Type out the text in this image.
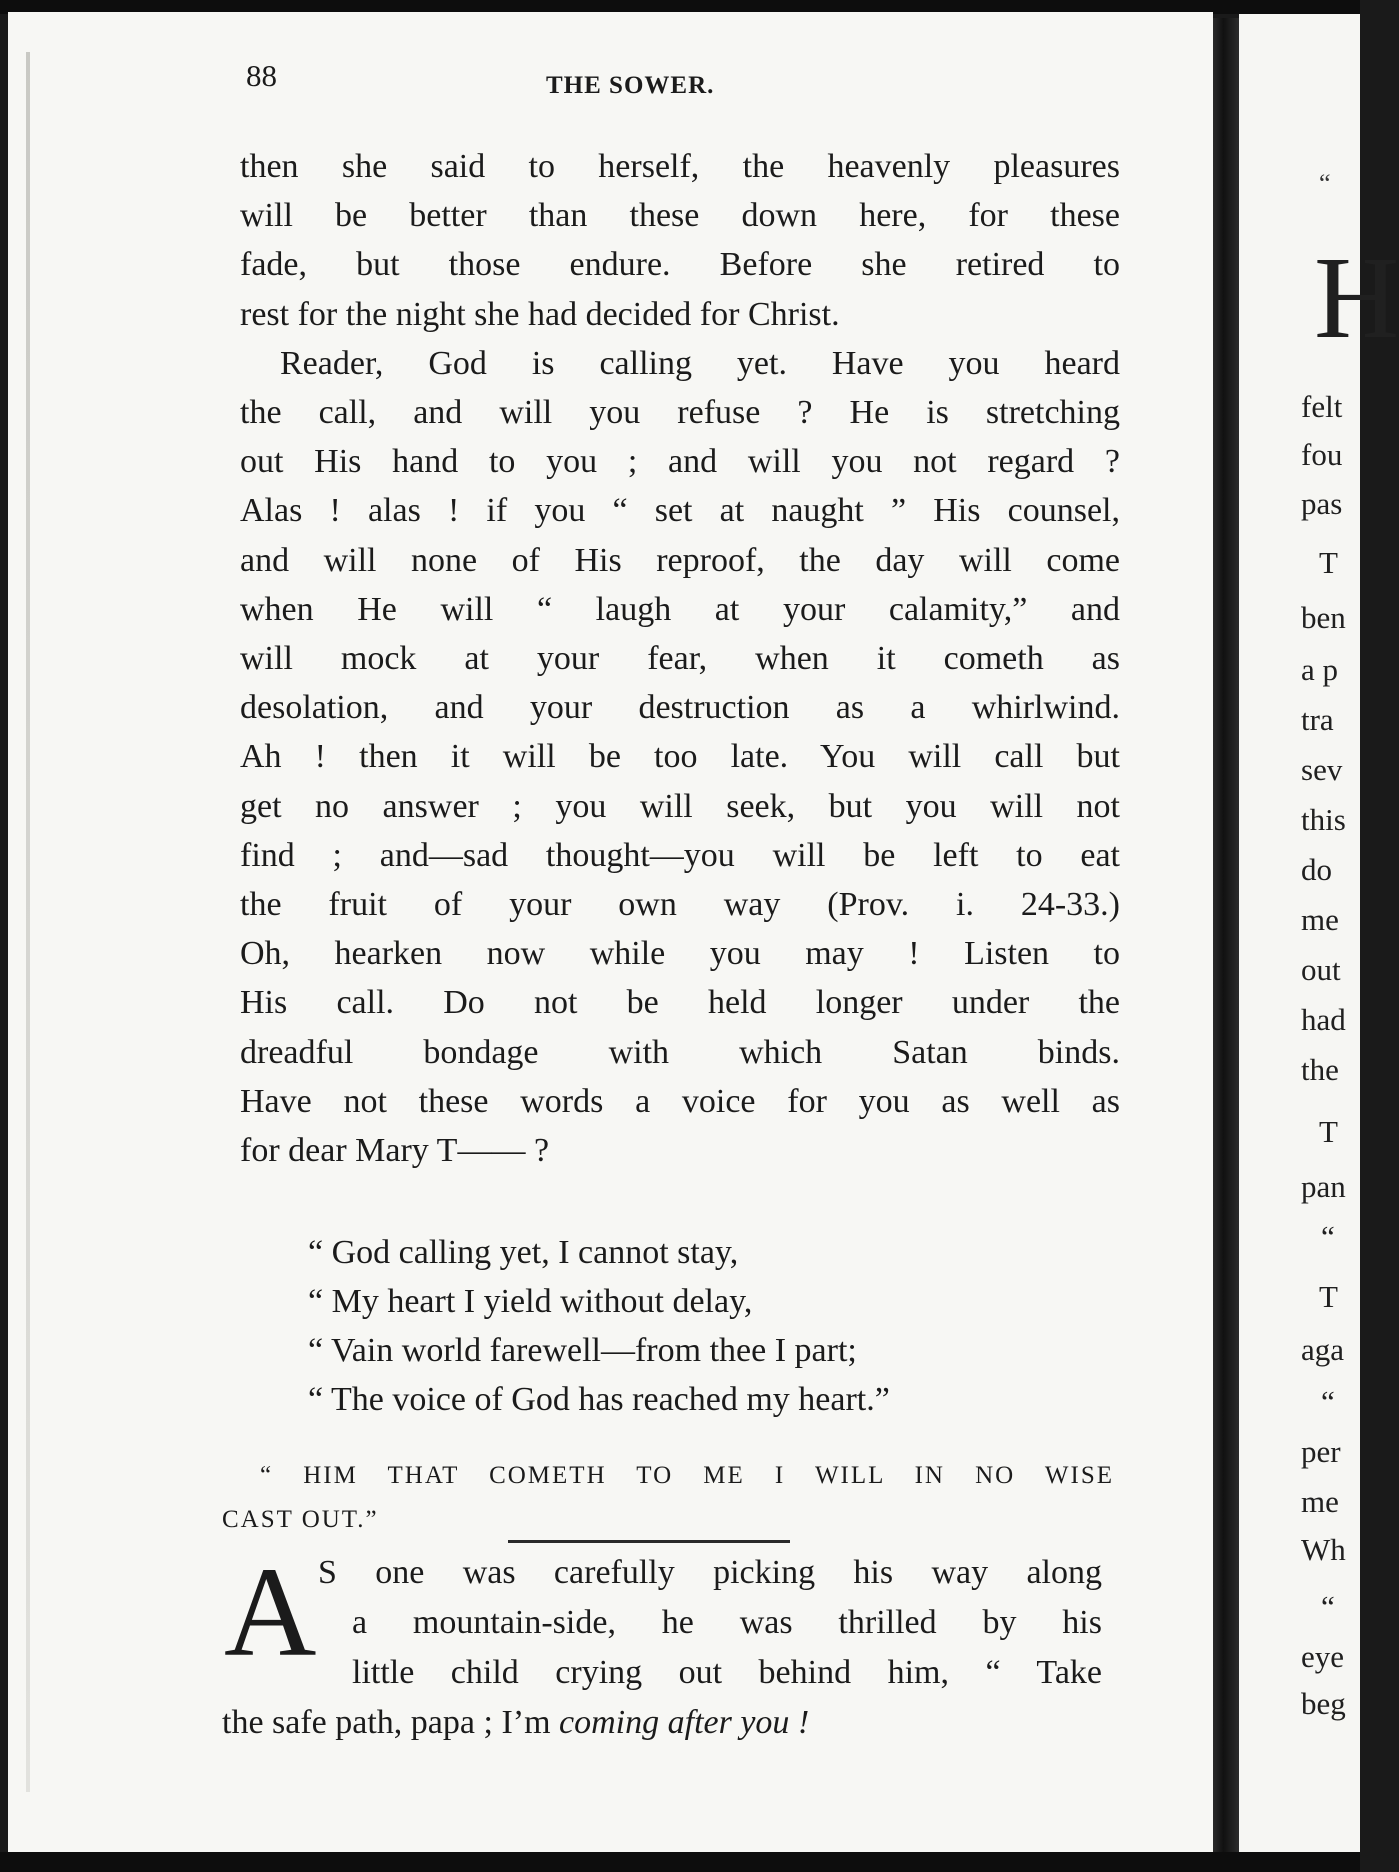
“
H
felt
fou
pas
T
ben
a p
tra
sev
this
do
me
out
had
the
T
pan
“
T
aga
“
per
me
Wh
“
eye
beg
88	THE SOWER.
then she said to herself, the heavenly pleasures
will be better than these down here, for these
fade, but those endure. Before she retired to
rest for the night she had decided for Christ.
Reader, God is calling yet. Have you heard
the call, and will you refuse ? He is stretching
out His hand to you ; and will you not regard ?
Alas ! alas ! if you “ set at naught ” His counsel,
and will none of His reproof, the day will come
when He will “ laugh at your calamity,” and
will mock at your fear, when it cometh as
desolation, and your destruction as a whirlwind.
Ah ! then it will be too late. You will call but
get no answer ; you will seek, but you will not
find ; and—sad thought—you will be left to eat
the fruit of your own way (Prov. i. 24-33.)
Oh, hearken now while you may ! Listen to
His call. Do not be held longer under the
dreadful bondage with which Satan binds.
Have not these words a voice for you as well as
for dear Mary T—— ?
“ God calling yet, I cannot stay,
“ My heart I yield without delay,
“ Vain world farewell—from thee I part;
“ The voice of God has reached my heart.”
“ HIM THAT COMETH TO ME I WILL IN NO WISE
CAST OUT.”
A S one was carefully picking his way along
a mountain-side, he was thrilled by his
little child crying out behind him, “ Take
the safe path, papa ; I’m coming after you !
